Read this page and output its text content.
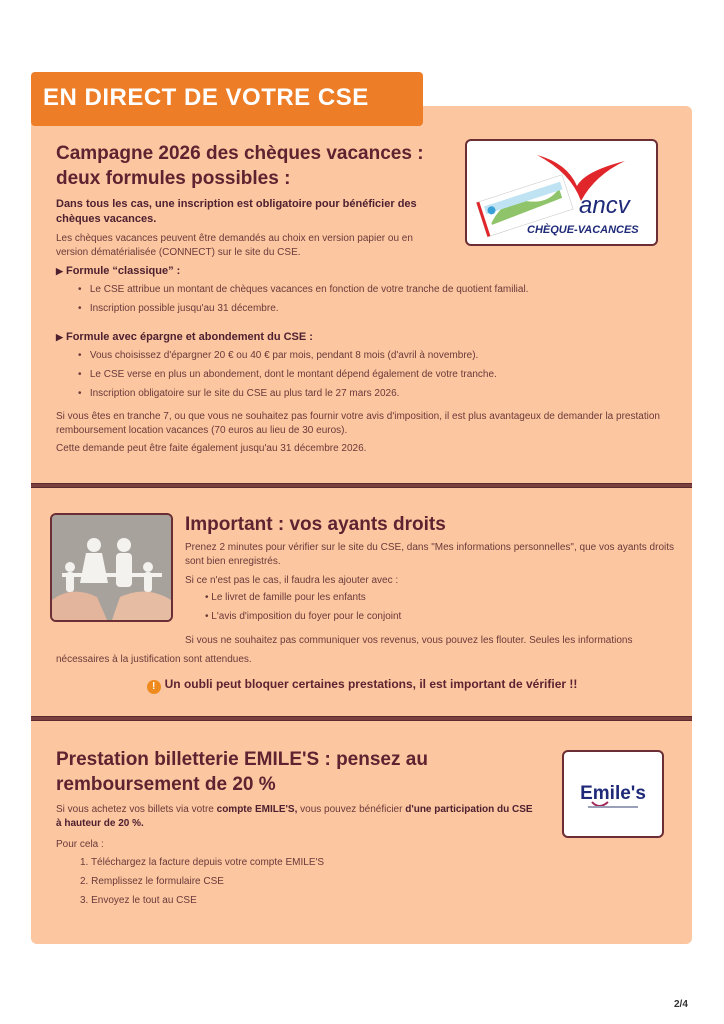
EN DIRECT DE VOTRE CSE
Campagne 2026 des chèques vacances :
deux formules possibles :

Dans tous les cas, une inscription est obligatoire pour bénéficier des chèques vacances.

Les chèques vacances peuvent être demandés au choix en version papier ou en version dématérialisée (CONNECT) sur le site du CSE.

ancv
CHÈQUE-VACANCES
▶ Formule “classique” :
•   Le CSE attribue un montant de chèques vacances en fonction de votre tranche de quotient familial.
•   Inscription possible jusqu'au 31 décembre.
▶ Formule avec épargne et abondement du CSE :
•   Vous choisissez d'épargner 20 € ou 40 € par mois, pendant 8 mois (d'avril à novembre).
•   Le CSE verse en plus un abondement, dont le montant dépend également de votre tranche.
•   Inscription obligatoire sur le site du CSE au plus tard le 27 mars 2026.

Si vous êtes en tranche 7, ou que vous ne souhaitez pas fournir votre avis d'imposition, il est plus avantageux de demander la prestation remboursement location vacances (70 euros au lieu de 30 euros).

Cette demande peut être faite également jusqu'au 31 décembre 2026.

Important : vos ayants droits

Prenez 2 minutes pour vérifier sur le site du CSE, dans "Mes informations personnelles", que vos ayants droits sont bien enregistrés.

Si ce n'est pas le cas, il faudra les ajouter avec :

• Le livret de famille pour les enfants
• L'avis d'imposition du foyer pour le conjoint

Si vous ne souhaitez pas communiquer vos revenus, vous pouvez les flouter. Seules les informations

nécessaires à la justification sont attendues.

! Un oubli peut bloquer certaines prestations, il est important de vérifier !!
Prestation billetterie EMILE'S : pensez au
remboursement de 20 %

Si vous achetez vos billets via votre compte EMILE'S, vous pouvez bénéficier d'une participation du CSE à hauteur de 20 %.

Pour cela :

1. Téléchargez la facture depuis votre compte EMILE'S
2. Remplissez le formulaire CSE
3. Envoyez le tout au CSE
Emile's
2/4
